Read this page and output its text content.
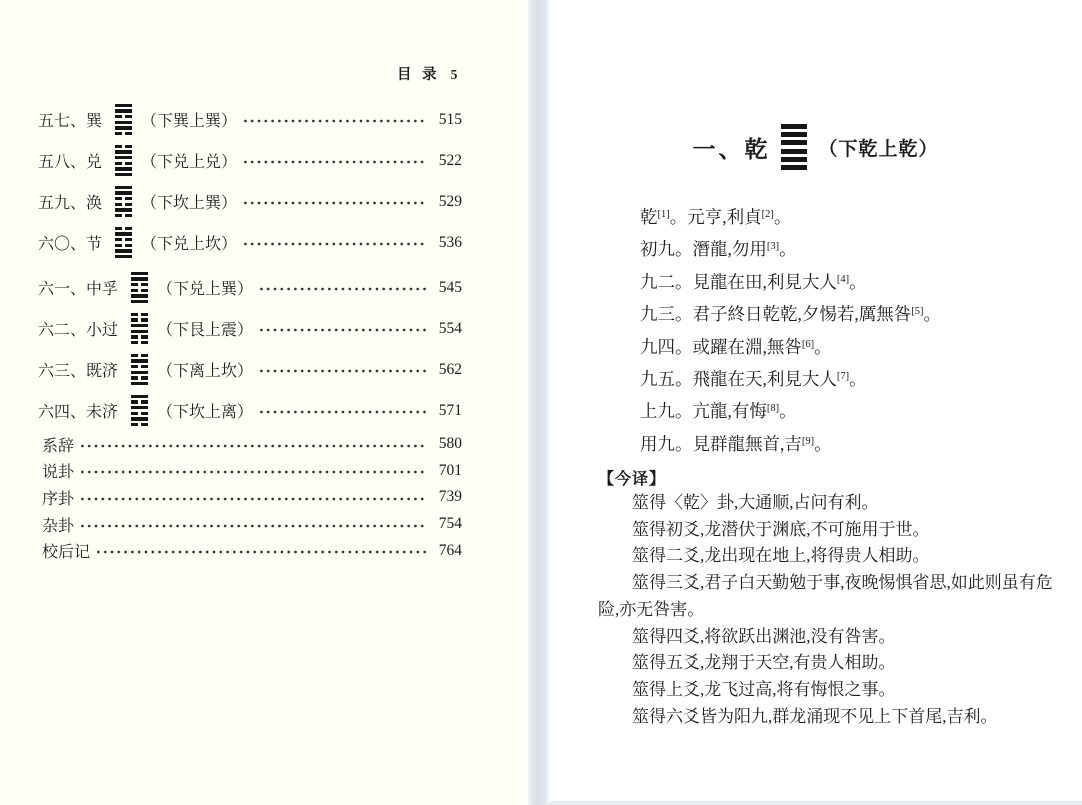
目 录 5
五七、巽 （下巽上巽）	515
五八、兑 （下兑上兑）	522
五九、涣 （下坎上巽）	529
六〇、节 （下兑上坎）	536
六一、中孚 （下兑上巽）	545
六二、小过 （下艮上震）	554
六三、既济 （下离上坎）	562
六四、未济 （下坎上离）	571
系辞	580
说卦	701
序卦	739
杂卦	754
校后记	764
一、乾	（下乾上乾）
乾[1]。元亨,利貞[2]。
初九。潛龍,勿用[3]。
九二。見龍在田,利見大人[4]。
九三。君子終日乾乾,夕惕若,厲無咎[5]。
九四。或躍在淵,無咎[6]。
九五。飛龍在天,利見大人[7]。
上九。亢龍,有悔[8]。
用九。見群龍無首,吉[9]。
【今译】

筮得〈乾〉卦,大通顺,占问有利。

筮得初爻,龙潜伏于渊底,不可施用于世。

筮得二爻,龙出现在地上,将得贵人相助。

筮得三爻,君子白天勤勉于事,夜晚惕惧省思,如此则虽有危险,亦无咎害。

筮得四爻,将欲跃出渊池,没有咎害。

筮得五爻,龙翔于天空,有贵人相助。

筮得上爻,龙飞过高,将有悔恨之事。

筮得六爻皆为阳九,群龙涌现不见上下首尾,吉利。
